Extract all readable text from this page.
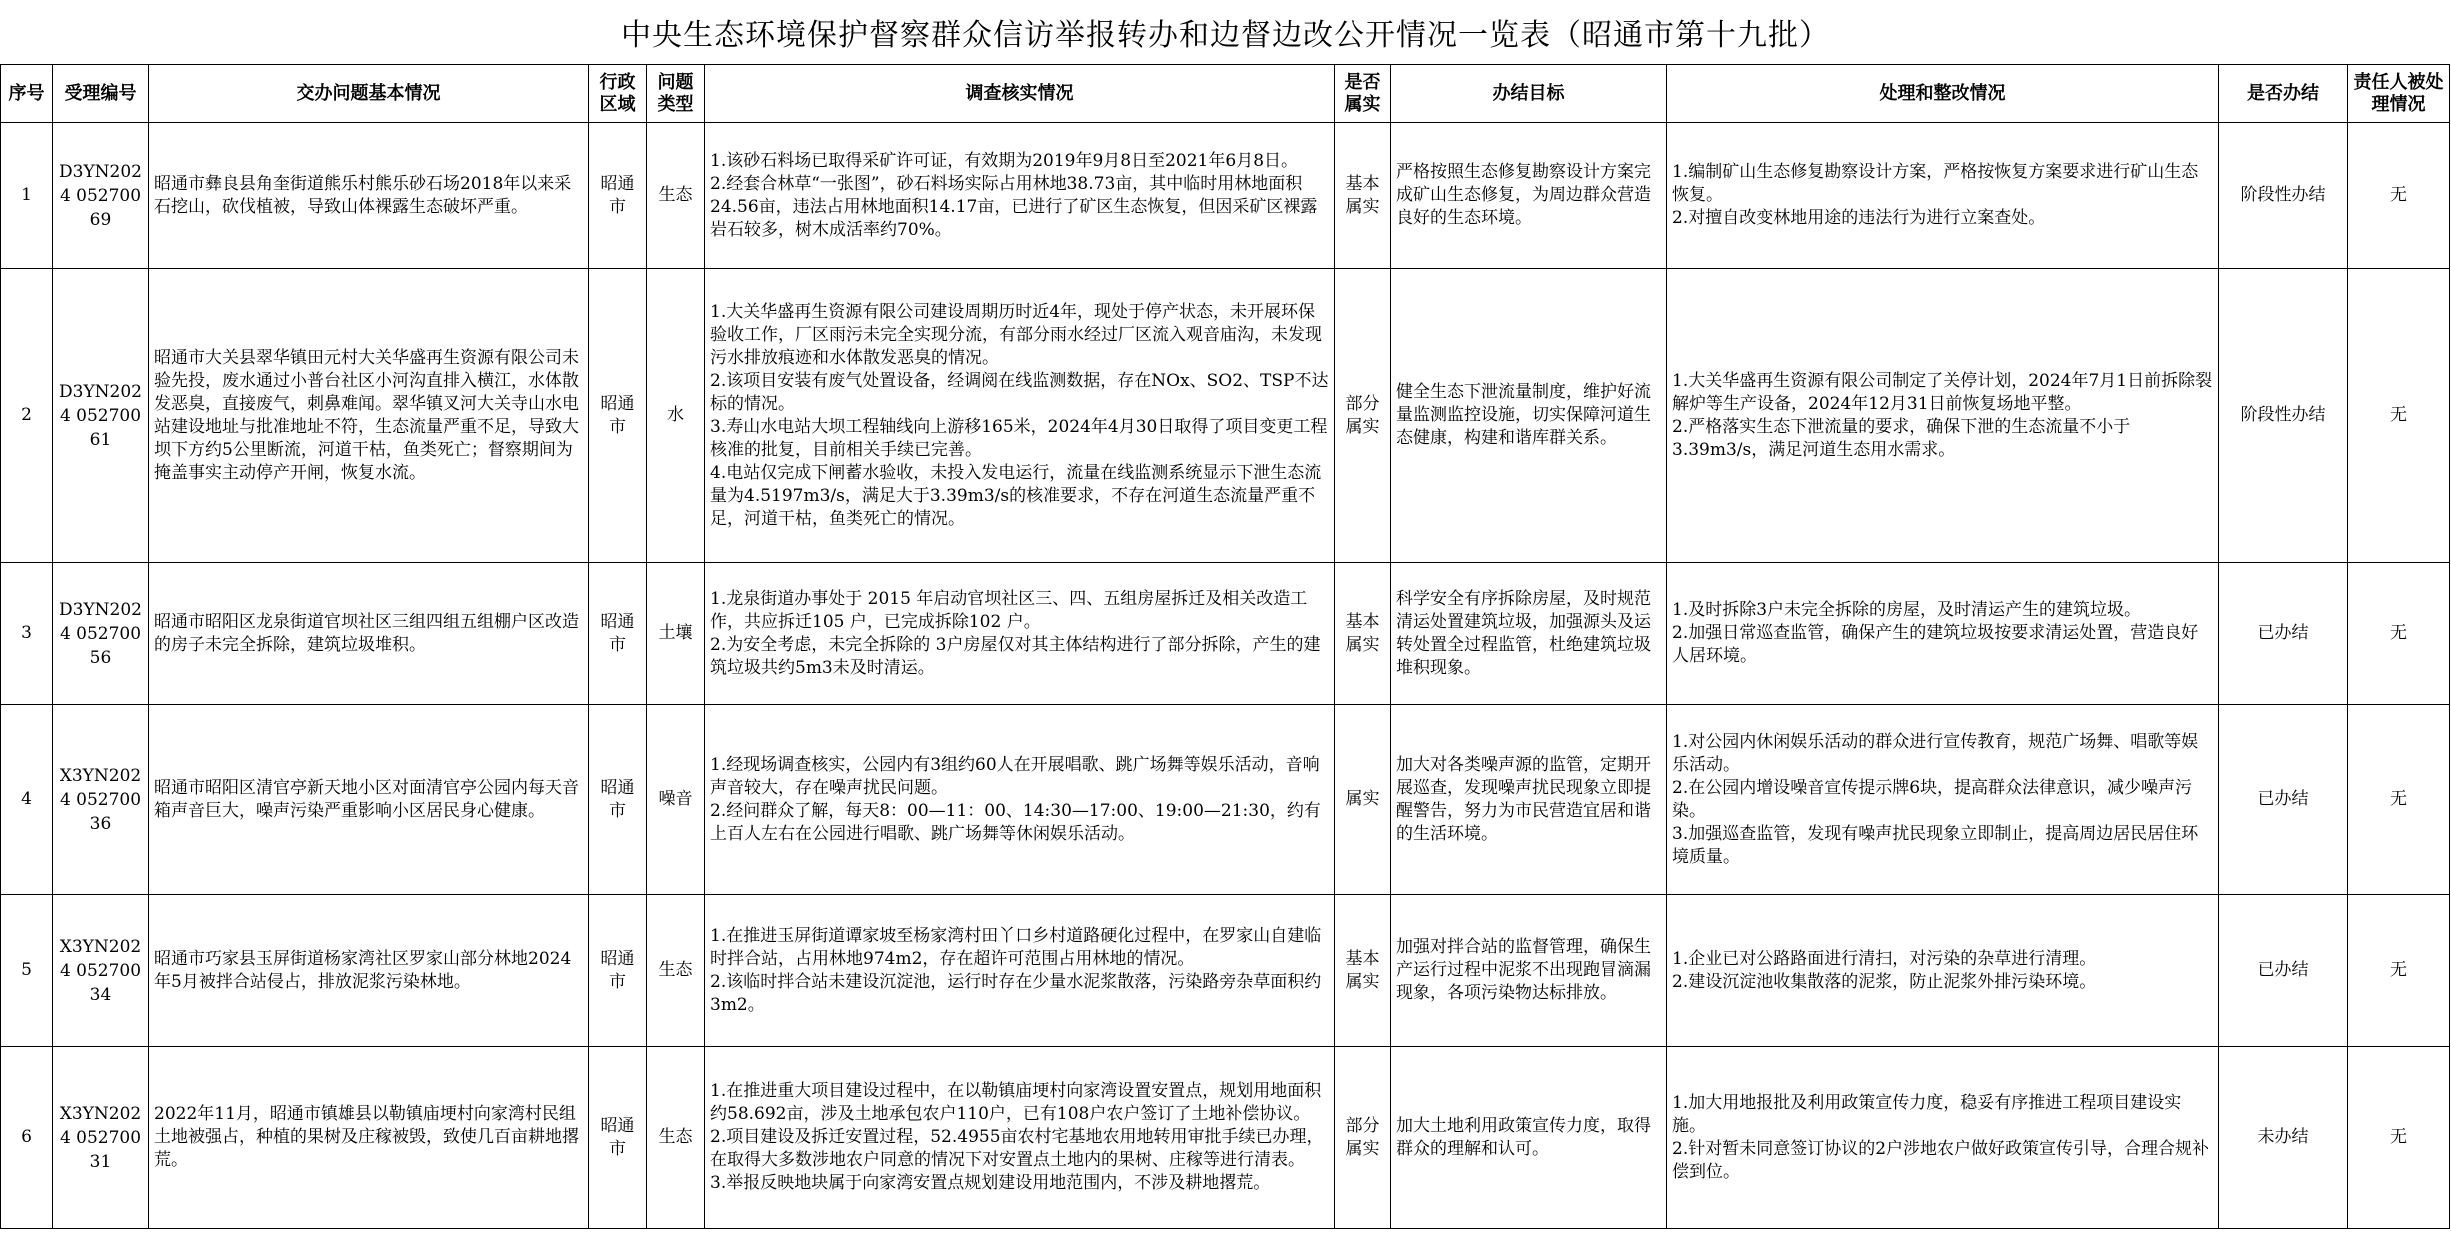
中央生态环境保护督察群众信访举报转办和边督边改公开情况一览表（昭通市第十九批）
序号	受理编号	交办问题基本情况	行政区域	问题类型	调查核实情况	是否属实	办结目标	处理和整改情况	是否办结	责任人被处理情况
1	D3YN2024 05270069	昭通市彝良县角奎街道熊乐村熊乐砂石场2018年以来采石挖山，砍伐植被，导致山体裸露生态破坏严重。	昭通市	生态	1.该砂石料场已取得采矿许可证，有效期为2019年9月8日至2021年6月8日。
2.经套合林草“一张图”，砂石料场实际占用林地38.73亩，其中临时用林地面积24.56亩，违法占用林地面积14.17亩，已进行了矿区生态恢复，但因采矿区裸露岩石较多，树木成活率约70%。	基本属实	严格按照生态修复勘察设计方案完成矿山生态修复，为周边群众营造良好的生态环境。	1.编制矿山生态修复勘察设计方案，严格按恢复方案要求进行矿山生态恢复。
2.对擅自改变林地用途的违法行为进行立案查处。	阶段性办结	无
2	D3YN2024 05270061	昭通市大关县翠华镇田元村大关华盛再生资源有限公司未验先投，废水通过小普台社区小河沟直排入横江，水体散发恶臭，直接废气，刺鼻难闻。翠华镇叉河大关寺山水电站建设地址与批准地址不符，生态流量严重不足，导致大坝下方约5公里断流，河道干枯，鱼类死亡；督察期间为掩盖事实主动停产开闸，恢复水流。	昭通市	水	1.大关华盛再生资源有限公司建设周期历时近4年，现处于停产状态，未开展环保验收工作，厂区雨污未完全实现分流，有部分雨水经过厂区流入观音庙沟，未发现污水排放痕迹和水体散发恶臭的情况。
2.该项目安装有废气处置设备，经调阅在线监测数据，存在NOx、SO2、TSP不达标的情况。
3.寿山水电站大坝工程轴线向上游移165米，2024年4月30日取得了项目变更工程核准的批复，目前相关手续已完善。
4.电站仅完成下闸蓄水验收，未投入发电运行，流量在线监测系统显示下泄生态流量为4.5197m3/s，满足大于3.39m3/s的核准要求，不存在河道生态流量严重不足，河道干枯，鱼类死亡的情况。	部分属实	健全生态下泄流量制度，维护好流量监测监控设施，切实保障河道生态健康，构建和谐库群关系。	1.大关华盛再生资源有限公司制定了关停计划，2024年7月1日前拆除裂解炉等生产设备，2024年12月31日前恢复场地平整。
2.严格落实生态下泄流量的要求，确保下泄的生态流量不小于3.39m3/s，满足河道生态用水需求。	阶段性办结	无
3	D3YN2024 05270056	昭通市昭阳区龙泉街道官坝社区三组四组五组棚户区改造的房子未完全拆除，建筑垃圾堆积。	昭通市	土壤	1.龙泉街道办事处于 2015 年启动官坝社区三、四、五组房屋拆迁及相关改造工作，共应拆迁105 户，已完成拆除102 户。
2.为安全考虑，未完全拆除的 3户房屋仅对其主体结构进行了部分拆除，产生的建筑垃圾共约5m3未及时清运。	基本属实	科学安全有序拆除房屋，及时规范清运处置建筑垃圾，加强源头及运转处置全过程监管，杜绝建筑垃圾堆积现象。	1.及时拆除3户未完全拆除的房屋，及时清运产生的建筑垃圾。
2.加强日常巡查监管，确保产生的建筑垃圾按要求清运处置，营造良好人居环境。	已办结	无
4	X3YN2024 05270036	昭通市昭阳区清官亭新天地小区对面清官亭公园内每天音箱声音巨大，噪声污染严重影响小区居民身心健康。	昭通市	噪音	1.经现场调查核实，公园内有3组约60人在开展唱歌、跳广场舞等娱乐活动，音响声音较大，存在噪声扰民问题。
2.经问群众了解，每天8：00—11：00、14:30—17:00、19:00—21:30，约有上百人左右在公园进行唱歌、跳广场舞等休闲娱乐活动。	属实	加大对各类噪声源的监管，定期开展巡查，发现噪声扰民现象立即提醒警告，努力为市民营造宜居和谐的生活环境。	1.对公园内休闲娱乐活动的群众进行宣传教育，规范广场舞、唱歌等娱乐活动。
2.在公园内增设噪音宣传提示牌6块，提高群众法律意识，减少噪声污染。
3.加强巡查监管，发现有噪声扰民现象立即制止，提高周边居民居住环境质量。	已办结	无
5	X3YN2024 05270034	昭通市巧家县玉屏街道杨家湾社区罗家山部分林地2024年5月被拌合站侵占，排放泥浆污染林地。	昭通市	生态	1.在推进玉屏街道谭家坡至杨家湾村田丫口乡村道路硬化过程中，在罗家山自建临时拌合站，占用林地974m2，存在超许可范围占用林地的情况。
2.该临时拌合站未建设沉淀池，运行时存在少量水泥浆散落，污染路旁杂草面积约3m2。	基本属实	加强对拌合站的监督管理，确保生产运行过程中泥浆不出现跑冒滴漏现象，各项污染物达标排放。	1.企业已对公路路面进行清扫，对污染的杂草进行清理。
2.建设沉淀池收集散落的泥浆，防止泥浆外排污染环境。	已办结	无
6	X3YN2024 05270031	2022年11月，昭通市镇雄县以勒镇庙埂村向家湾村民组土地被强占，种植的果树及庄稼被毁，致使几百亩耕地撂荒。	昭通市	生态	1.在推进重大项目建设过程中，在以勒镇庙埂村向家湾设置安置点，规划用地面积约58.692亩，涉及土地承包农户110户，已有108户农户签订了土地补偿协议。
2.项目建设及拆迁安置过程，52.4955亩农村宅基地农用地转用审批手续已办理，在取得大多数涉地农户同意的情况下对安置点土地内的果树、庄稼等进行清表。
3.举报反映地块属于向家湾安置点规划建设用地范围内，不涉及耕地撂荒。	部分属实	加大土地利用政策宣传力度，取得群众的理解和认可。	1.加大用地报批及利用政策宣传力度，稳妥有序推进工程项目建设实施。
2.针对暂未同意签订协议的2户涉地农户做好政策宣传引导，合理合规补偿到位。	未办结	无
